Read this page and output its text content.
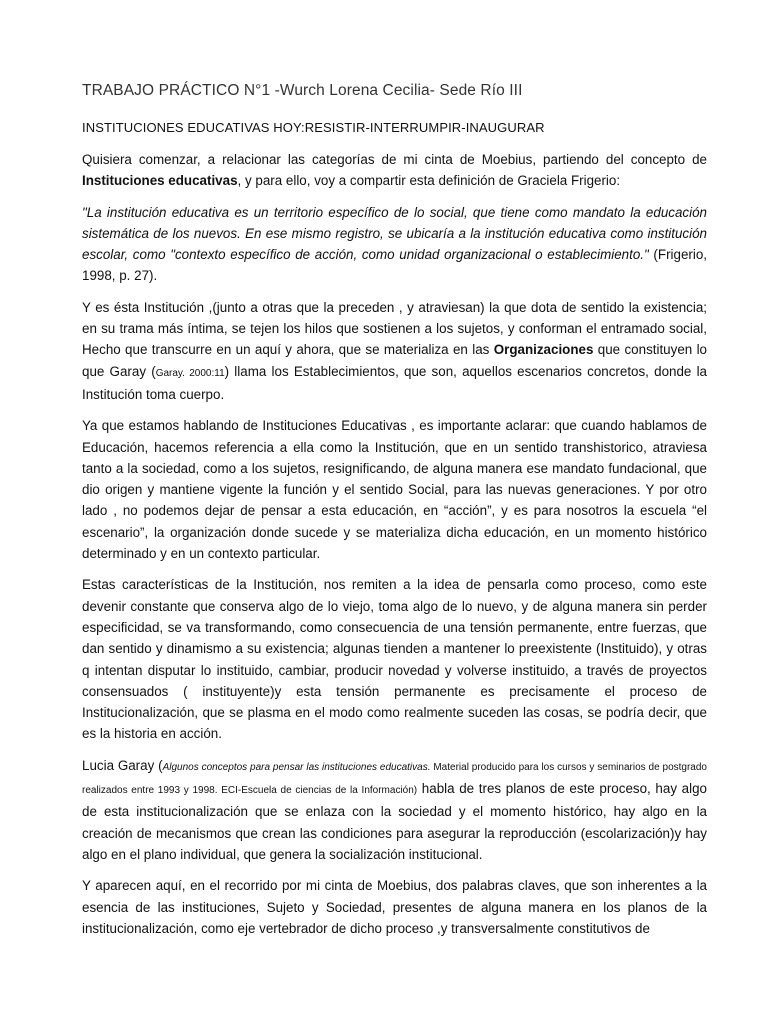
TRABAJO PRÁCTICO N°1 -Wurch Lorena Cecilia- Sede Río III
INSTITUCIONES EDUCATIVAS HOY:RESISTIR-INTERRUMPIR-INAUGURAR

Quisiera comenzar, a relacionar las categorías de mi cinta de Moebius, partiendo del concepto de Instituciones educativas, y para ello, voy a compartir esta definición de Graciela Frigerio:

"La institución educativa es un territorio específico de lo social, que tiene como mandato la educación sistemática de los nuevos. En ese mismo registro, se ubicaría a la institución educativa como institución escolar, como "contexto específico de acción, como unidad organizacional o establecimiento." (Frigerio, 1998, p. 27).

Y es ésta Institución ,(junto a otras que la preceden , y atraviesan) la que dota de sentido la existencia; en su trama más íntima, se tejen los hilos que sostienen a los sujetos, y conforman el entramado social, Hecho que transcurre en un aquí y ahora, que se materializa en las Organizaciones que constituyen lo que Garay (Garay. 2000:11) llama los Establecimientos, que son, aquellos escenarios concretos, donde la Institución toma cuerpo.

Ya que estamos hablando de Instituciones Educativas , es importante aclarar: que cuando hablamos de Educación, hacemos referencia a ella como la Institución, que en un sentido transhistorico, atraviesa tanto a la sociedad, como a los sujetos, resignificando, de alguna manera ese mandato fundacional, que dio origen y mantiene vigente la función y el sentido Social, para las nuevas generaciones. Y por otro lado , no podemos dejar de pensar a esta educación, en “acción”, y es para nosotros la escuela “el escenario”, la organización donde sucede y se materializa dicha educación, en un momento histórico determinado y en un contexto particular.

Estas características de la Institución, nos remiten a la idea de pensarla como proceso, como este devenir constante que conserva algo de lo viejo, toma algo de lo nuevo, y de alguna manera sin perder especificidad, se va transformando, como consecuencia de una tensión permanente, entre fuerzas, que dan sentido y dinamismo a su existencia; algunas tienden a mantener lo preexistente (Instituido), y otras q intentan disputar lo instituido, cambiar, producir novedad y volverse instituido, a través de proyectos consensuados ( instituyente)y esta tensión permanente es precisamente el proceso de Institucionalización, que se plasma en el modo como realmente suceden las cosas, se podría decir, que es la historia en acción.

Lucia Garay (Algunos conceptos para pensar las instituciones educativas. Material producido para los cursos y seminarios de postgrado realizados entre 1993 y 1998. ECI-Escuela de ciencias de la Información) habla de tres planos de este proceso, hay algo de esta institucionalización que se enlaza con la sociedad y el momento histórico, hay algo en la creación de mecanismos que crean las condiciones para asegurar la reproducción (escolarización)y hay algo en el plano individual, que genera la socialización institucional.

Y aparecen aquí, en el recorrido por mi cinta de Moebius, dos palabras claves, que son inherentes a la esencia de las instituciones, Sujeto y Sociedad, presentes de alguna manera en los planos de la institucionalización, como eje vertebrador de dicho proceso ,y transversalmente constitutivos de
